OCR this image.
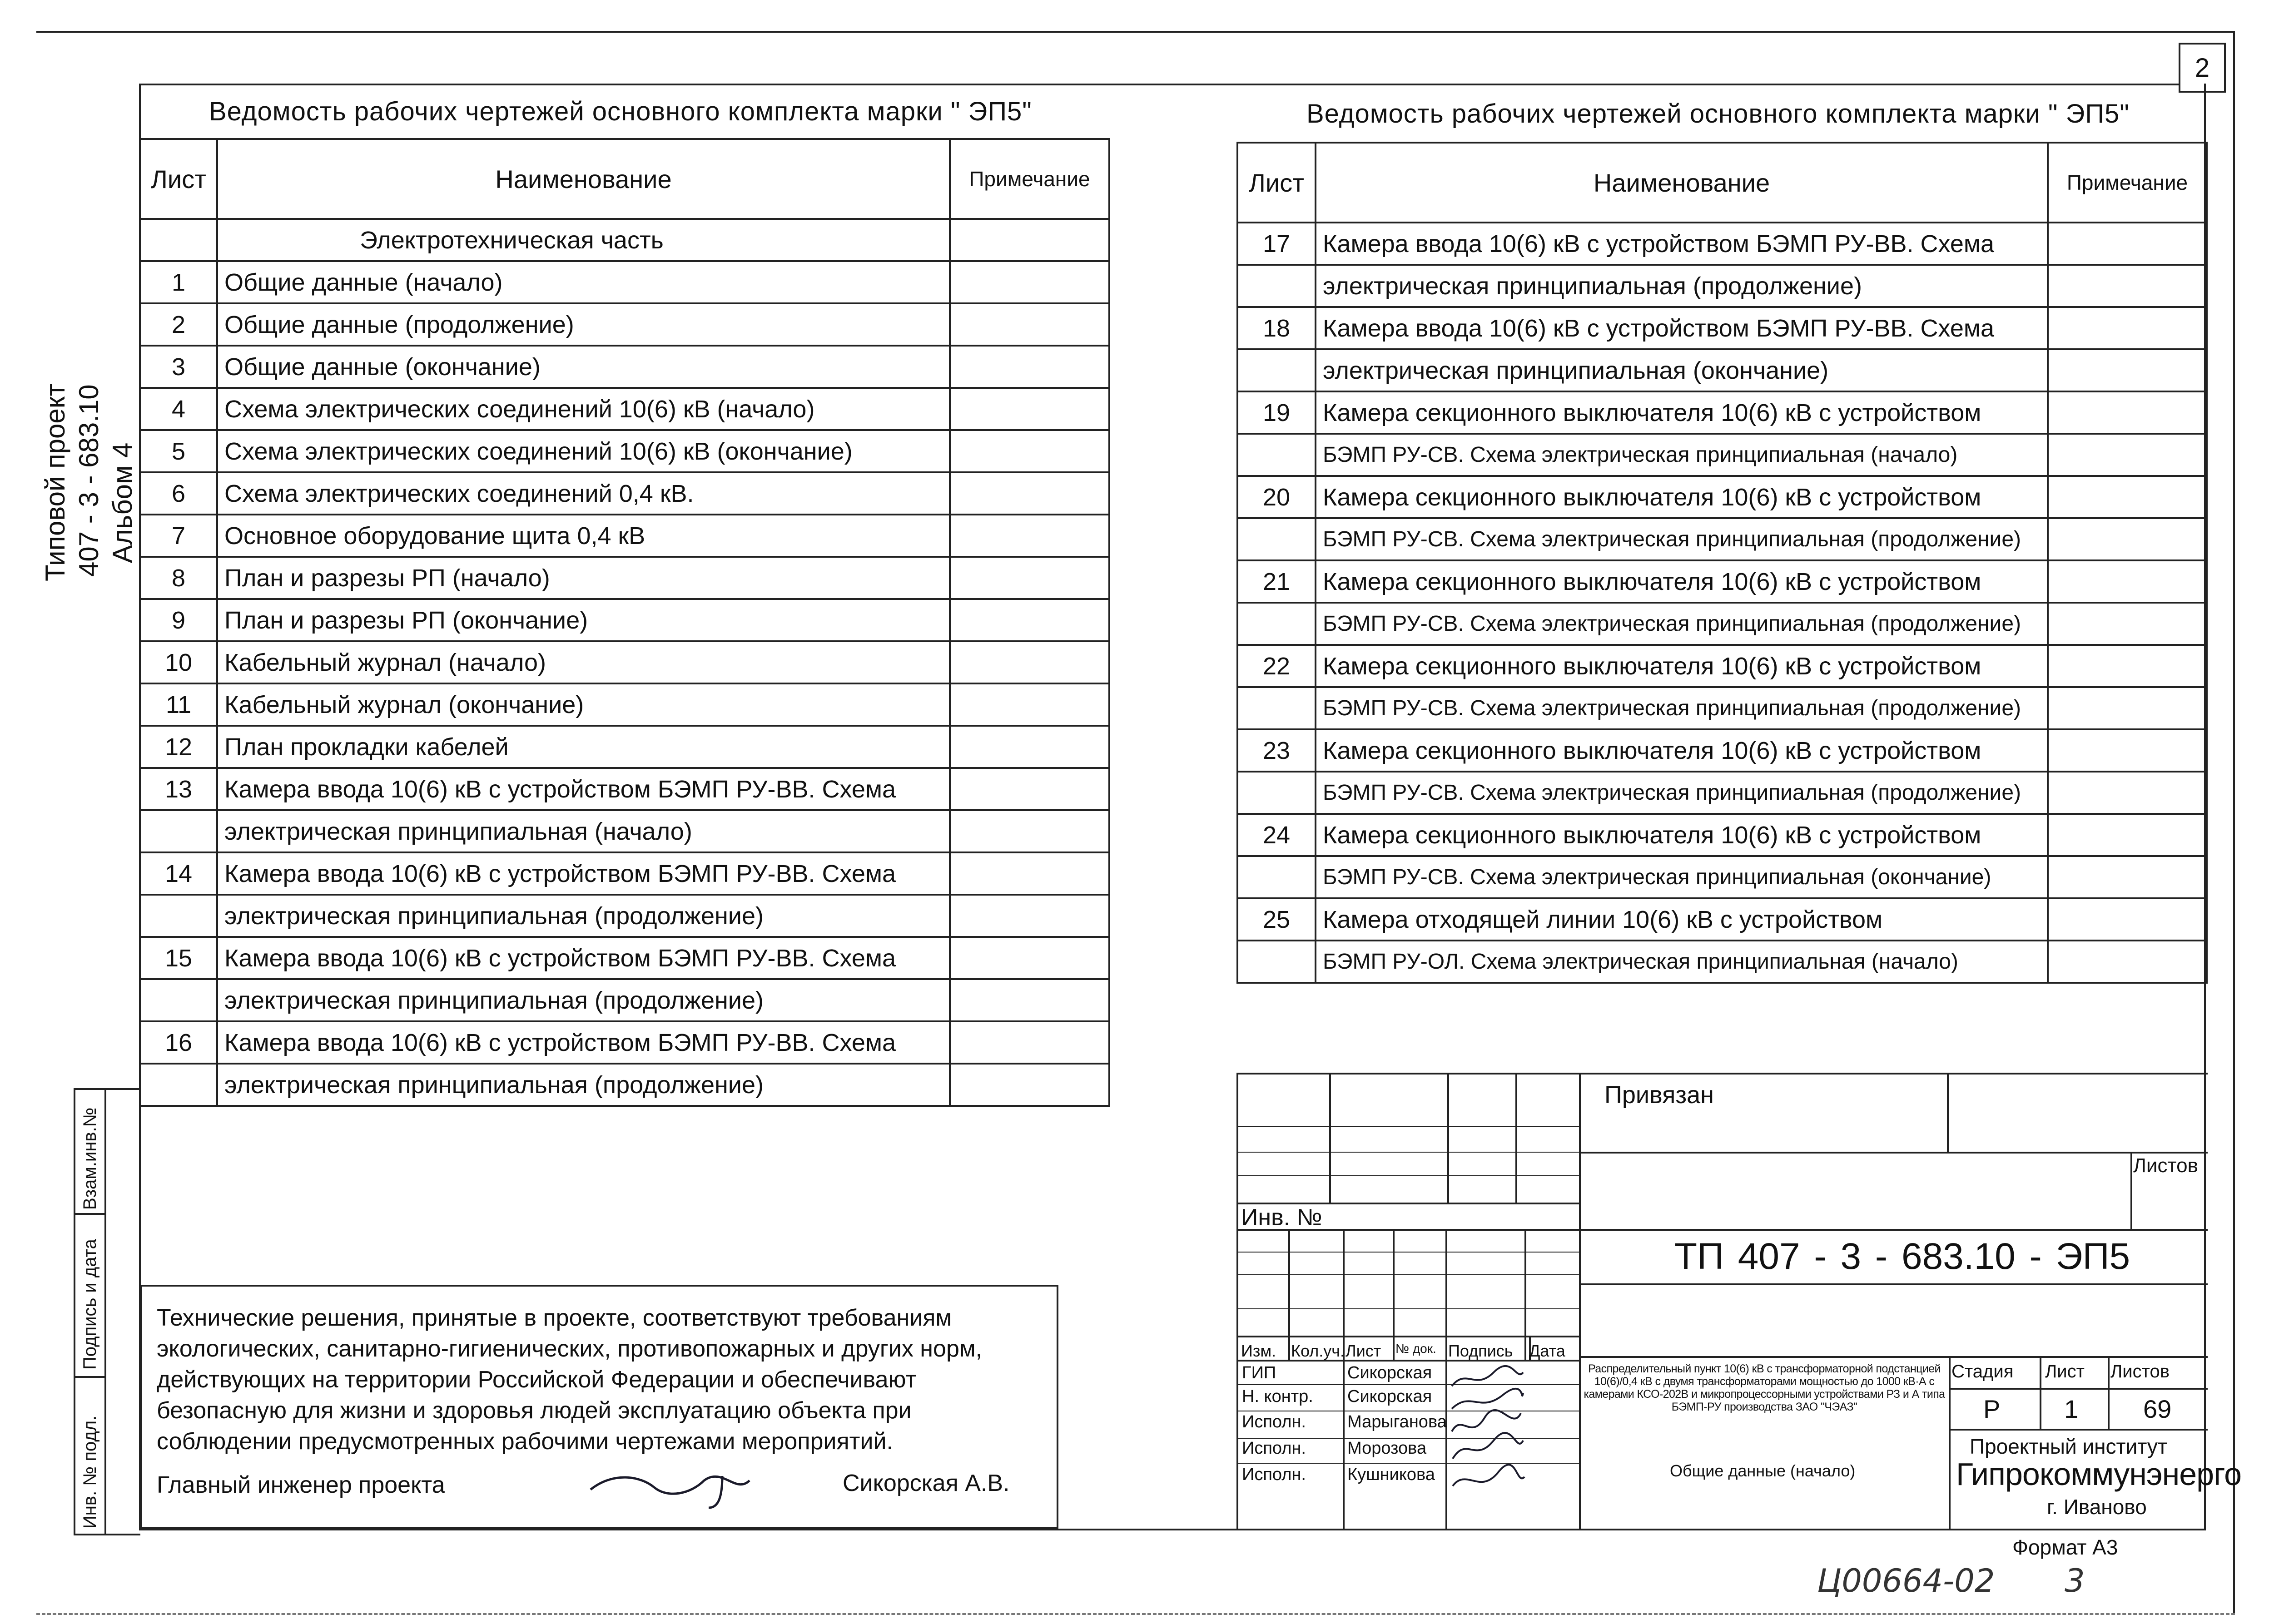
2
Типовой проект 407 - 3 - 683.10 Альбом 4
Взам.инв.№
Подпись и дата
Инв. № подл.
Ведомость рабочих чертежей основного комплекта марки " ЭП5"
Лист	Наименование	Примечание
	Электротехническая часть	
1	Общие данные (начало)	
2	Общие данные (продолжение)	
3	Общие данные (окончание)	
4	Схема электрических соединений 10(6) кВ (начало)	
5	Схема электрических соединений 10(6) кВ (окончание)	
6	Схема электрических соединений 0,4 кВ.	
7	Основное оборудование щита 0,4 кВ	
8	План и разрезы РП (начало)	
9	План и разрезы РП (окончание)	
10	Кабельный журнал (начало)	
11	Кабельный журнал (окончание)	
12	План прокладки кабелей	
13	Камера ввода 10(6) кВ с устройством БЭМП РУ-ВВ. Схема	
	электрическая принципиальная (начало)	
14	Камера ввода 10(6) кВ с устройством БЭМП РУ-ВВ. Схема	
	электрическая принципиальная (продолжение)	
15	Камера ввода 10(6) кВ с устройством БЭМП РУ-ВВ. Схема	
	электрическая принципиальная (продолжение)	
16	Камера ввода 10(6) кВ с устройством БЭМП РУ-ВВ. Схема	
	электрическая принципиальная (продолжение)	
Ведомость рабочих чертежей основного комплекта марки " ЭП5"
Лист	Наименование	Примечание
17	Камера ввода 10(6) кВ с устройством БЭМП РУ-ВВ. Схема	
	электрическая принципиальная (продолжение)	
18	Камера ввода 10(6) кВ с устройством БЭМП РУ-ВВ. Схема	
	электрическая принципиальная (окончание)	
19	Камера секционного выключателя 10(6) кВ с устройством	
	БЭМП РУ-СВ. Схема электрическая принципиальная (начало)	
20	Камера секционного выключателя 10(6) кВ с устройством	
	БЭМП РУ-СВ. Схема электрическая принципиальная (продолжение)	
21	Камера секционного выключателя 10(6) кВ с устройством	
	БЭМП РУ-СВ. Схема электрическая принципиальная (продолжение)	
22	Камера секционного выключателя 10(6) кВ с устройством	
	БЭМП РУ-СВ. Схема электрическая принципиальная (продолжение)	
23	Камера секционного выключателя 10(6) кВ с устройством	
	БЭМП РУ-СВ. Схема электрическая принципиальная (продолжение)	
24	Камера секционного выключателя 10(6) кВ с устройством	
	БЭМП РУ-СВ. Схема электрическая принципиальная (окончание)	
25	Камера отходящей линии 10(6) кВ с устройством	
	БЭМП РУ-ОЛ. Схема электрическая принципиальная (начало)	
Привязан
Инв. №
Листов
ТП 407 - 3 - 683.10 - ЭП5
Изм. Кол.уч. Лист № док. Подпись Дата
ГИП	Сикорская
Н. контр. Сикорская
Исполн. Марыганова
Исполн. Морозова
Исполн. Кушникова
Распределительный пункт 10(6) кВ с трансформаторной подстанцией 10(6)/0,4 кВ с двумя трансформаторами мощностью до 1000 кВ·А с камерами КСО-202В и микропроцессорными устройствами РЗ и А типа БЭМП-РУ производства ЗАО "ЧЭАЗ"
Общие данные (начало)
Стадия Лист Листов
Р	1	69
Проектный институт
Гипрокоммунэнерго
г. Иваново
Технические решения, принятые в проекте, соответствуют требованиям экологических, санитарно-гигиенических, противопожарных и других норм, действующих на территории Российской Федерации и обеспечивают безопасную для жизни и здоровья людей эксплуатацию объекта при соблюдении предусмотренных рабочими чертежами мероприятий.
Главный инженер проекта	Сикорская А.В.
Формат А3
Ц00664-02 3
